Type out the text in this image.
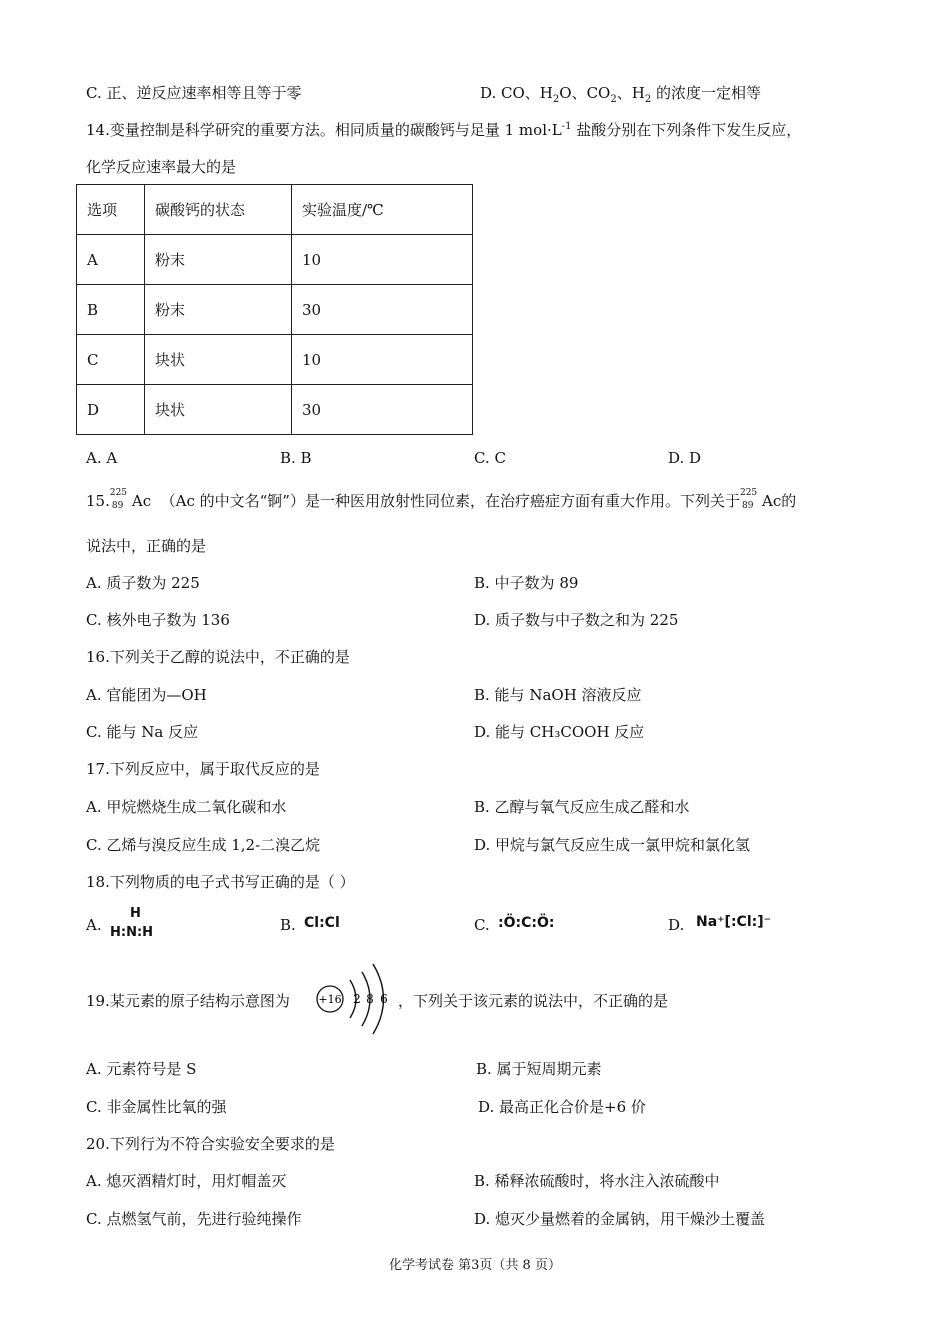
C. 正、逆反应速率相等且等于零	D. CO、$H_2O$、$CO_2$、$H_2$ 的浓度一定相等
14.变量控制是科学研究的重要方法。相同质量的碳酸钙与足量 1 $mol\cdot L^{-1}$ 盐酸分别在下列条件下发生反应，
化学反应速率最大的是
选项	碳酸钙的状态	实验温度/℃
A	粉末	10
B	粉末	30
C	块状	10
D	块状	30
A. A	B. B	C. C	D. D
15. 225
89 Ac （Ac 的中文名“锕”）是一种医用放射性同位素，在治疗癌症方面有重大作用。下列关于 225
89 Ac的
说法中，正确的是
A. 质子数为 225	B. 中子数为 89
C. 核外电子数为 136	D. 质子数与中子数之和为 225
16.下列关于乙醇的说法中，不正确的是
A. 官能团为—OH	B. 能与 NaOH 溶液反应
C. 能与 Na 反应	D. 能与 CH₃COOH 反应
17.下列反应中，属于取代反应的是
A. 甲烷燃烧生成二氧化碳和水	B. 乙醇与氧气反应生成乙醛和水
C. 乙烯与溴反应生成 1,2-二溴乙烷	D. 甲烷与氯气反应生成一氯甲烷和氯化氢
18.下列物质的电子式书写正确的是（ ）
A.
H
H:N:H	B. Cl:Cl	C. :Ö:C:Ö:	D. Na⁺[:Cl:]⁻
19.某元素的原子结构示意图为	+16 2 8 6 ，下列关于该元素的说法中，不正确的是
A. 元素符号是 S	B. 属于短周期元素
C. 非金属性比氧的强	D. 最高正化合价是+6 价
20.下列行为不符合实验安全要求的是
A. 熄灭酒精灯时，用灯帽盖灭	B. 稀释浓硫酸时，将水注入浓硫酸中
C. 点燃氢气前，先进行验纯操作	D. 熄灭少量燃着的金属钠，用干燥沙土覆盖
化学考试卷 第3页（共 8 页）
